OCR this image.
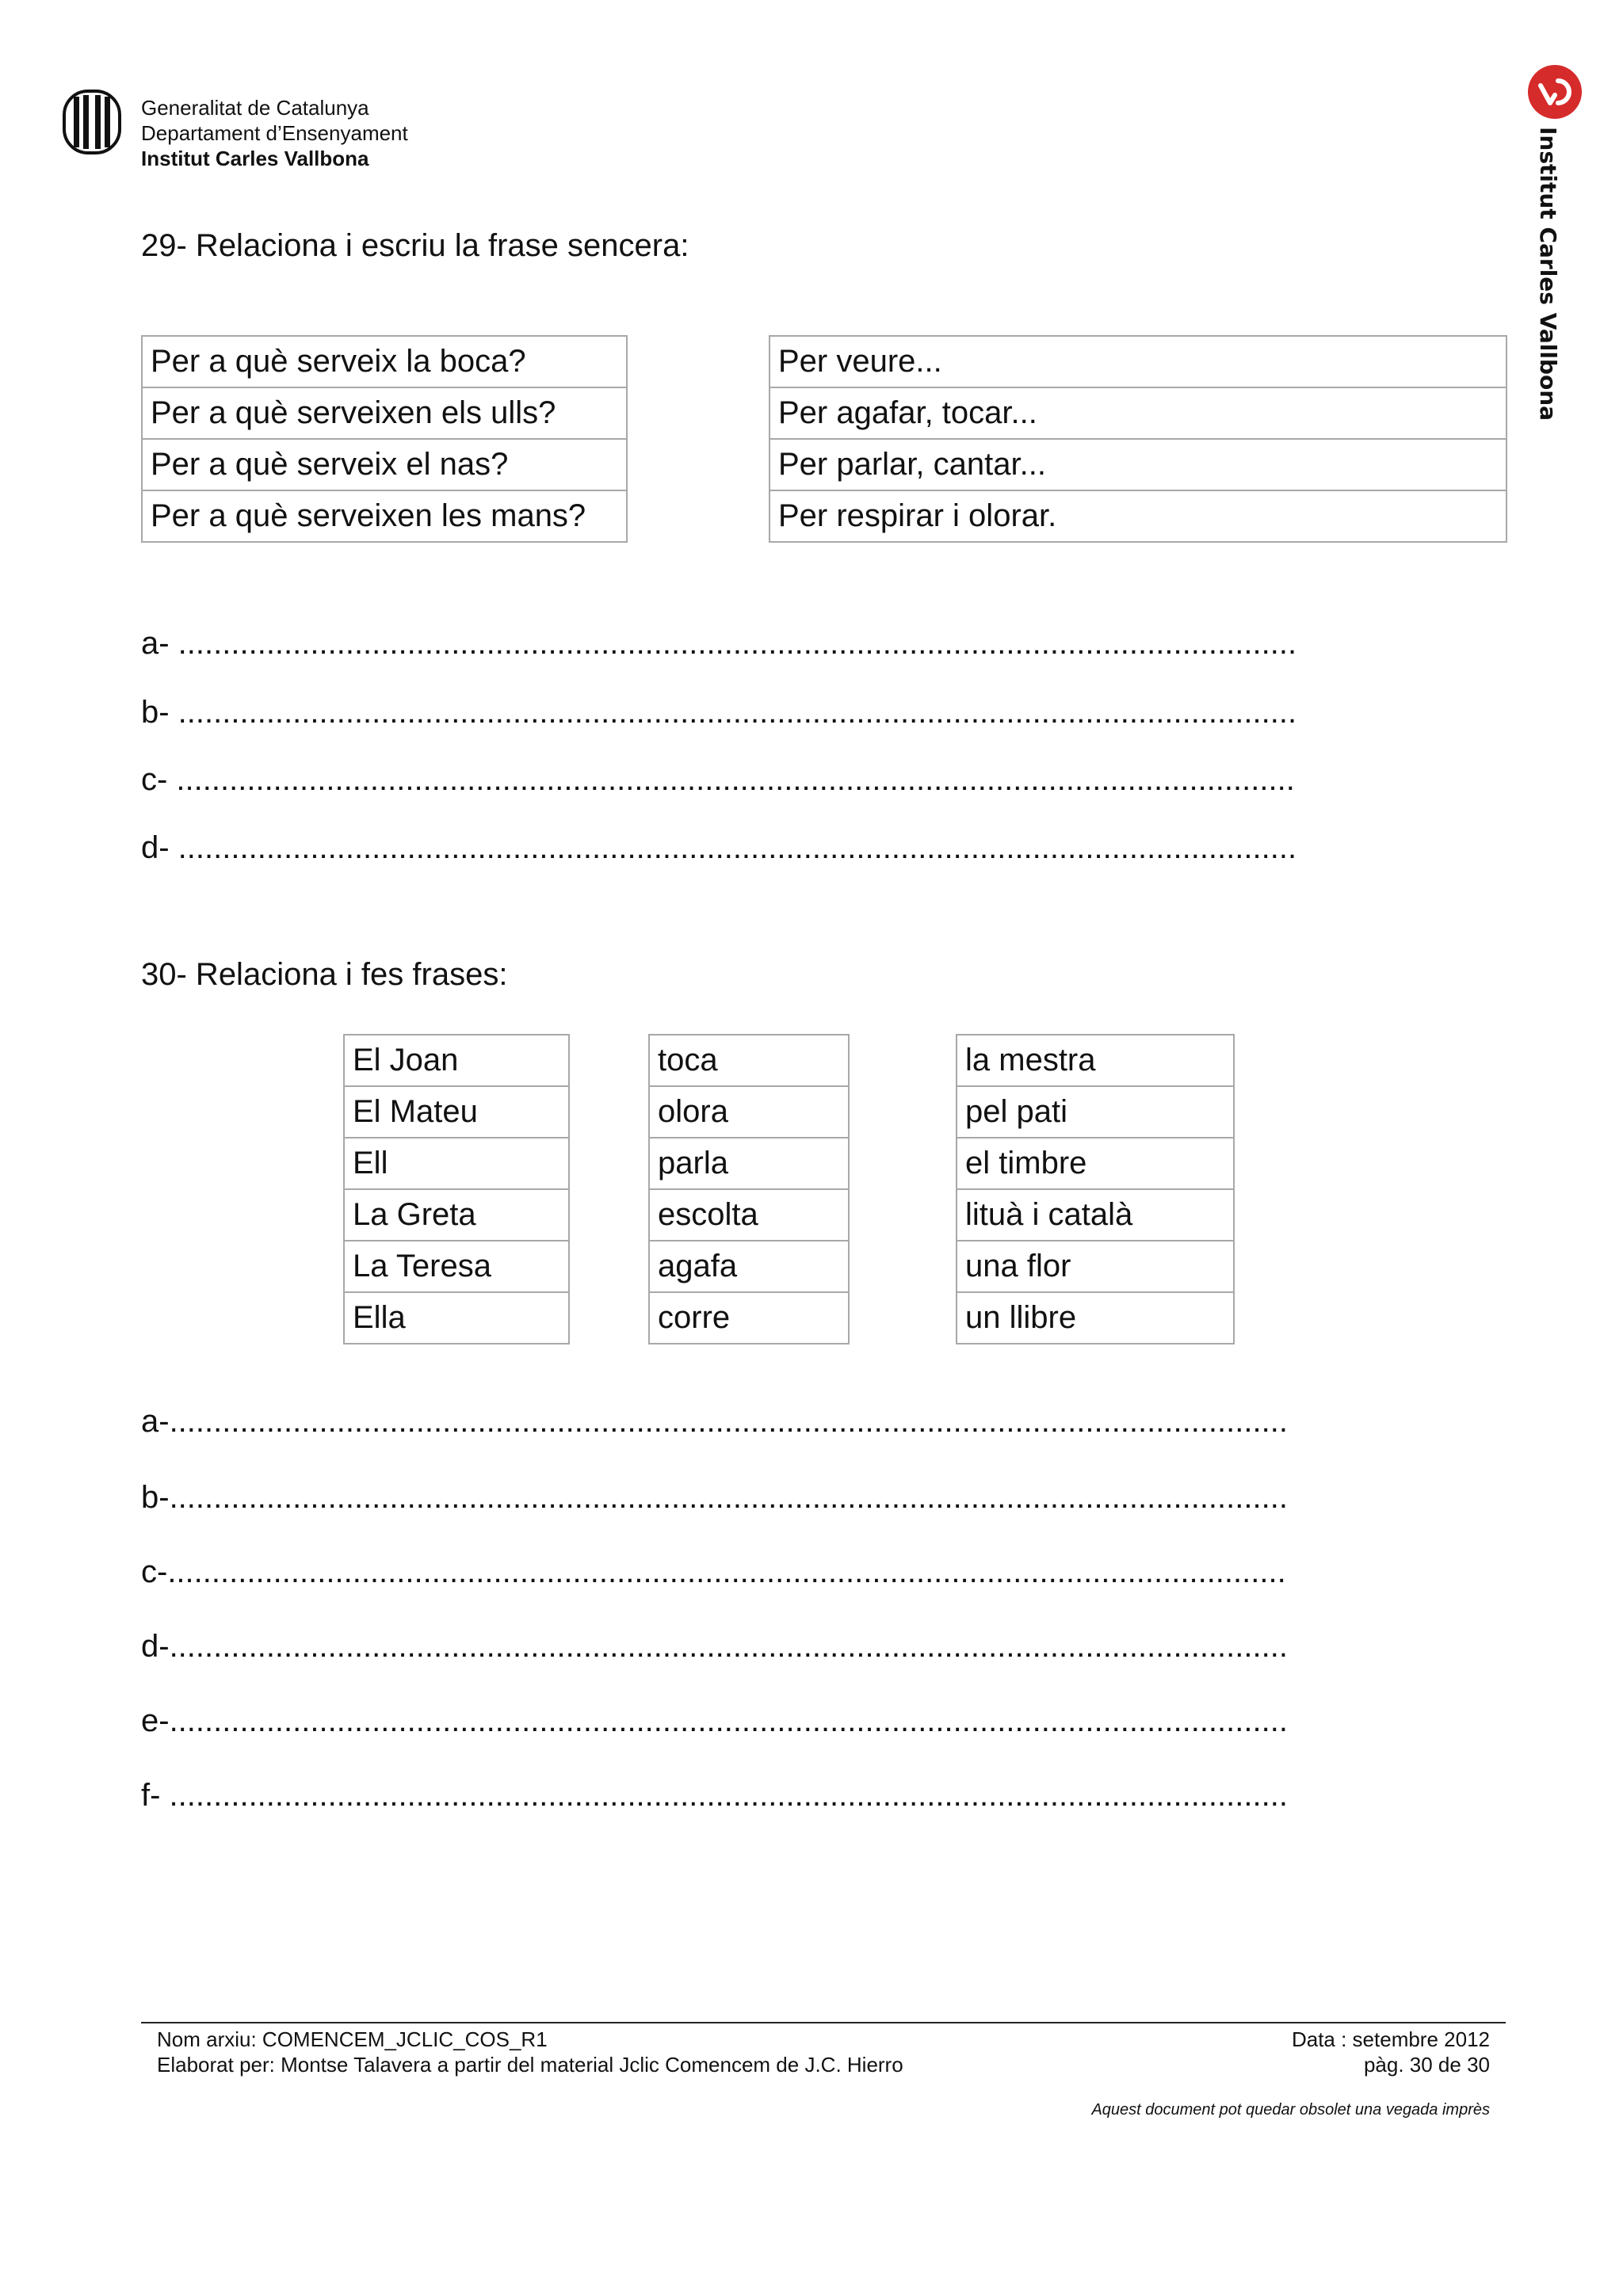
Generalitat de Catalunya
Departament d’Ensenyament
Institut Carles Vallbona	Institut Carles Vallbona
29- Relaciona i escriu la frase sencera:
Per a què serveix la boca?
Per a què serveixen els ulls?
Per a què serveix el nas?
Per a què serveixen les mans?
Per veure...
Per agafar, tocar...
Per parlar, cantar...
Per respirar i olorar.
a- ...............................................................................................................................
b- ...............................................................................................................................
c- ...............................................................................................................................
d- ...............................................................................................................................
30- Relaciona i fes frases:
El Joan
El Mateu
Ell
La Greta
La Teresa
Ella
toca
olora
parla
escolta
agafa
corre
la mestra
pel pati
el timbre
lituà i català
una flor
un llibre
a-...............................................................................................................................
b-...............................................................................................................................
c-...............................................................................................................................
d-...............................................................................................................................
e-...............................................................................................................................
f- ...............................................................................................................................
Nom arxiu: COMENCEM_JCLIC_COS_R1
Elaborat per: Montse Talavera a partir del material Jclic Comencem de J.C. Hierro
Data : setembre 2012
pàg. 30 de 30
Aquest document pot quedar obsolet una vegada imprès
